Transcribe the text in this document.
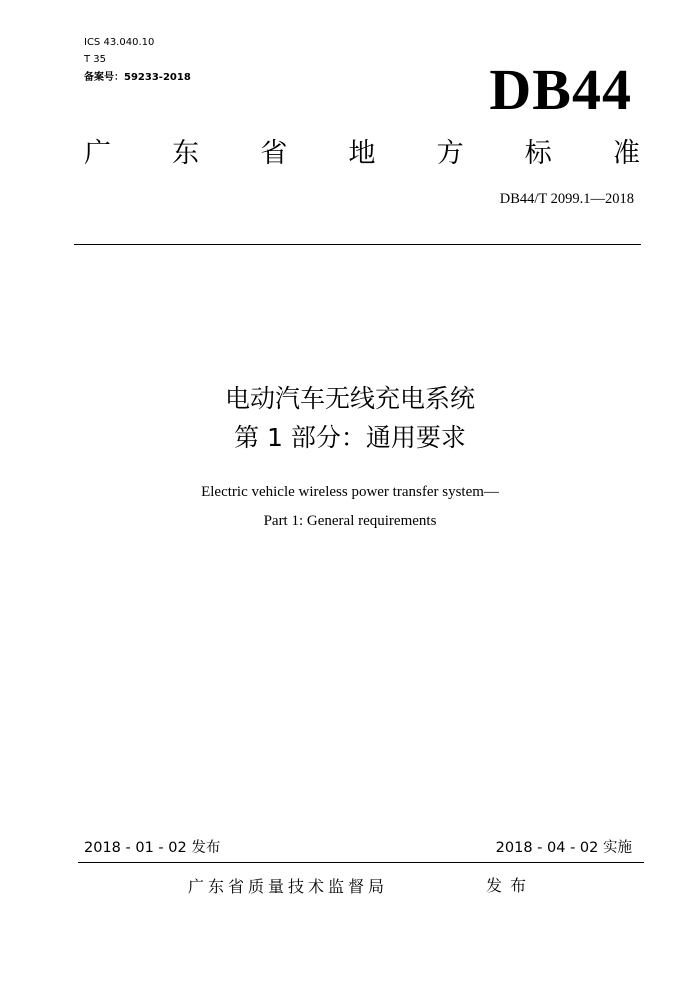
ICS 43.040.10
T 35
备案号：59233-2018	DB44
广 东 省 地 方 标 准
DB44/T 2099.1—2018
电动汽车无线充电系统
第 1 部分：通用要求
Electric vehicle wireless power transfer system—
Part 1: General requirements
2018 - 01 - 02 发布	2018 - 04 - 02 实施
广东省质量技术监督局	发布
